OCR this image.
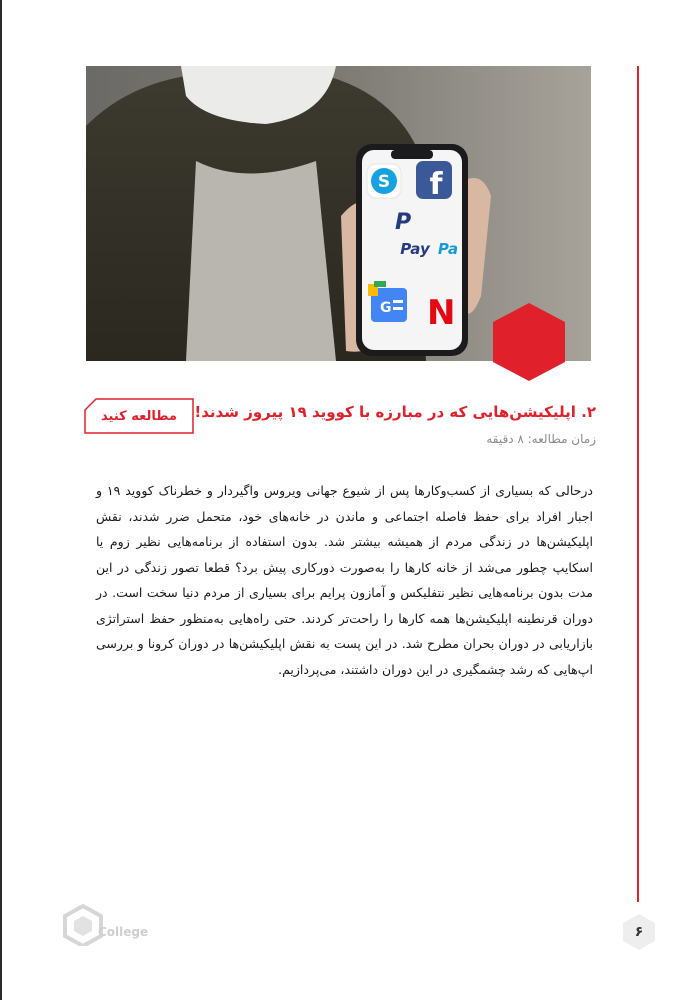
S f
P
Pay Pa
G N
۲. اپلیکیشن‌هایی که در مبارزه با کووید ۱۹ پیروز شدند!
زمان مطالعه: ۸ دقیقه
مطالعه کنید
درحالی که بسیاری از کسب‌وکارها پس از شیوع جهانی ویروس واگیردار و خطرناک کووید ۱۹ و اجبار افراد برای حفظ فاصله اجتماعی و ماندن در خانه‌های خود، متحمل ضرر شدند، نقش اپلیکیشن‌ها در زندگی مردم از همیشه بیشتر شد. بدون استفاده از برنامه‌هایی نظیر زوم یا اسکایپ چطور می‌شد از خانه کارها را به‌صورت دورکاری پیش برد؟ قطعا تصور زندگی در این مدت بدون برنامه‌هایی نظیر نتفلیکس و آمازون پرایم برای بسیاری از مردم دنیا سخت است. در دوران قرنطینه اپلیکیشن‌ها همه کارها را راحت‌تر کردند. حتی راه‌هایی به‌منظور حفظ استراتژی بازاریابی در دوران بحران مطرح شد. در این پست به نقش اپلیکیشن‌ها در دوران کرونا و بررسی اپ‌هایی که رشد چشمگیری در این دوران داشتند، می‌پردازیم.
College	۶
